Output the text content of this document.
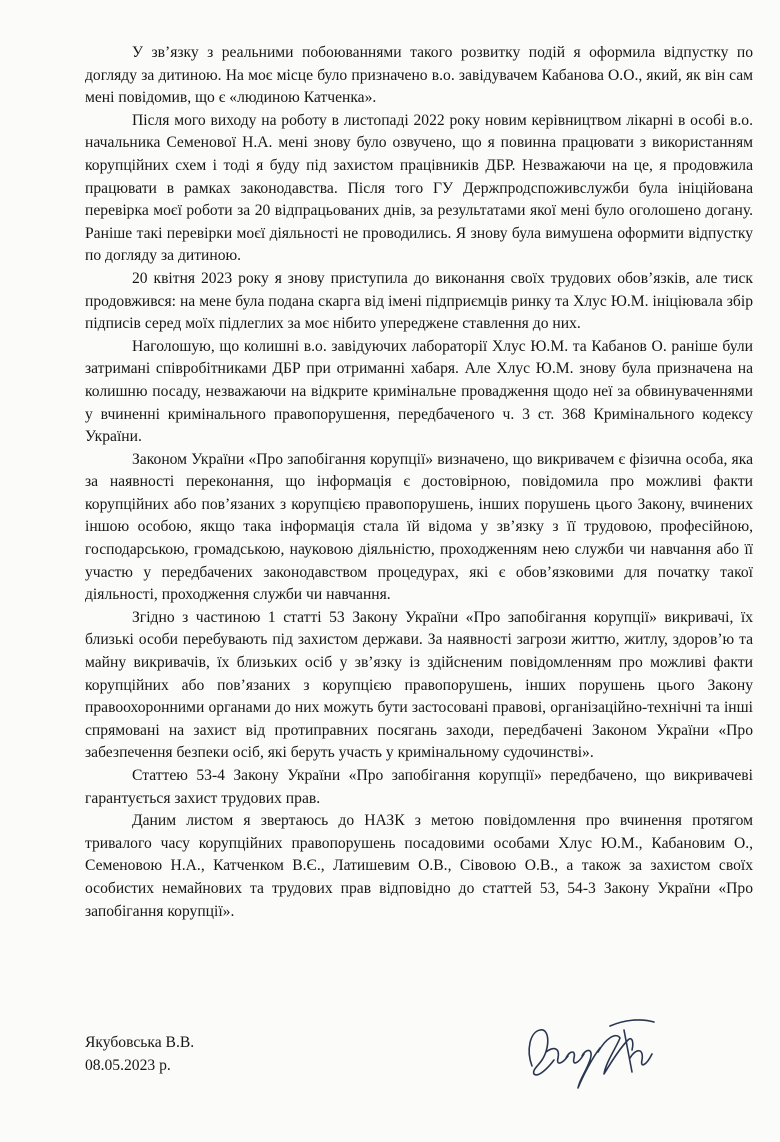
У зв’язку з реальними побоюваннями такого розвитку подій я оформила відпустку по догляду за дитиною. На моє місце було призначено в.о. завідувачем Кабанова О.О., який, як він сам мені повідомив, що є «людиною Катченка».

Після мого виходу на роботу в листопаді 2022 року новим керівництвом лікарні в особі в.о. начальника Семенової Н.А. мені знову було озвучено, що я повинна працювати з використанням корупційних схем і тоді я буду під захистом працівників ДБР. Незважаючи на це, я продовжила працювати в рамках законодавства. Після того ГУ Держпродспоживслужби була ініційована перевірка моєї роботи за 20 відпрацьованих днів, за результатами якої мені було оголошено догану. Раніше такі перевірки моєї діяльності не проводились. Я знову була вимушена оформити відпустку по догляду за дитиною.

20 квітня 2023 року я знову приступила до виконання своїх трудових обов’язків, але тиск продовжився: на мене була подана скарга від імені підприємців ринку та Хлус Ю.М. ініціювала збір підписів серед моїх підлеглих за моє нібито упереджене ставлення до них.

Наголошую, що колишні в.о. завідуючих лабораторії Хлус Ю.М. та Кабанов О. раніше були затримані співробітниками ДБР при отриманні хабаря. Але Хлус Ю.М. знову була призначена на колишню посаду, незважаючи на відкрите кримінальне провадження щодо неї за обвинуваченнями у вчиненні кримінального правопорушення, передбаченого ч. 3 ст. 368 Кримінального кодексу України.

Законом України «Про запобігання корупції» визначено, що викривачем є фізична особа, яка за наявності переконання, що інформація є достовірною, повідомила про можливі факти корупційних або пов’язаних з корупцією правопорушень, інших порушень цього Закону, вчинених іншою особою, якщо така інформація стала їй відома у зв’язку з її трудовою, професійною, господарською, громадською, науковою діяльністю, проходженням нею служби чи навчання або її участю у передбачених законодавством процедурах, які є обов’язковими для початку такої діяльності, проходження служби чи навчання.

Згідно з частиною 1 статті 53 Закону України «Про запобігання корупції» викривачі, їх близькі особи перебувають під захистом держави. За наявності загрози життю, житлу, здоров’ю та майну викривачів, їх близьких осіб у зв’язку із здійсненим повідомленням про можливі факти корупційних або пов’язаних з корупцією правопорушень, інших порушень цього Закону правоохоронними органами до них можуть бути застосовані правові, організаційно-технічні та інші спрямовані на захист від протиправних посягань заходи, передбачені Законом України «Про забезпечення безпеки осіб, які беруть участь у кримінальному судочинстві».

Статтею 53-4 Закону України «Про запобігання корупції» передбачено, що викривачеві гарантується захист трудових прав.

Даним листом я звертаюсь до НАЗК з метою повідомлення про вчинення протягом тривалого часу корупційних правопорушень посадовими особами Хлус Ю.М., Кабановим О., Семеновою Н.А., Катченком В.Є., Латишевим О.В., Сівовою О.В., а також за захистом своїх особистих немайнових та трудових прав відповідно до статтей 53, 54-3 Закону України «Про запобігання корупції».

Якубовська В.В.
08.05.2023 р.
